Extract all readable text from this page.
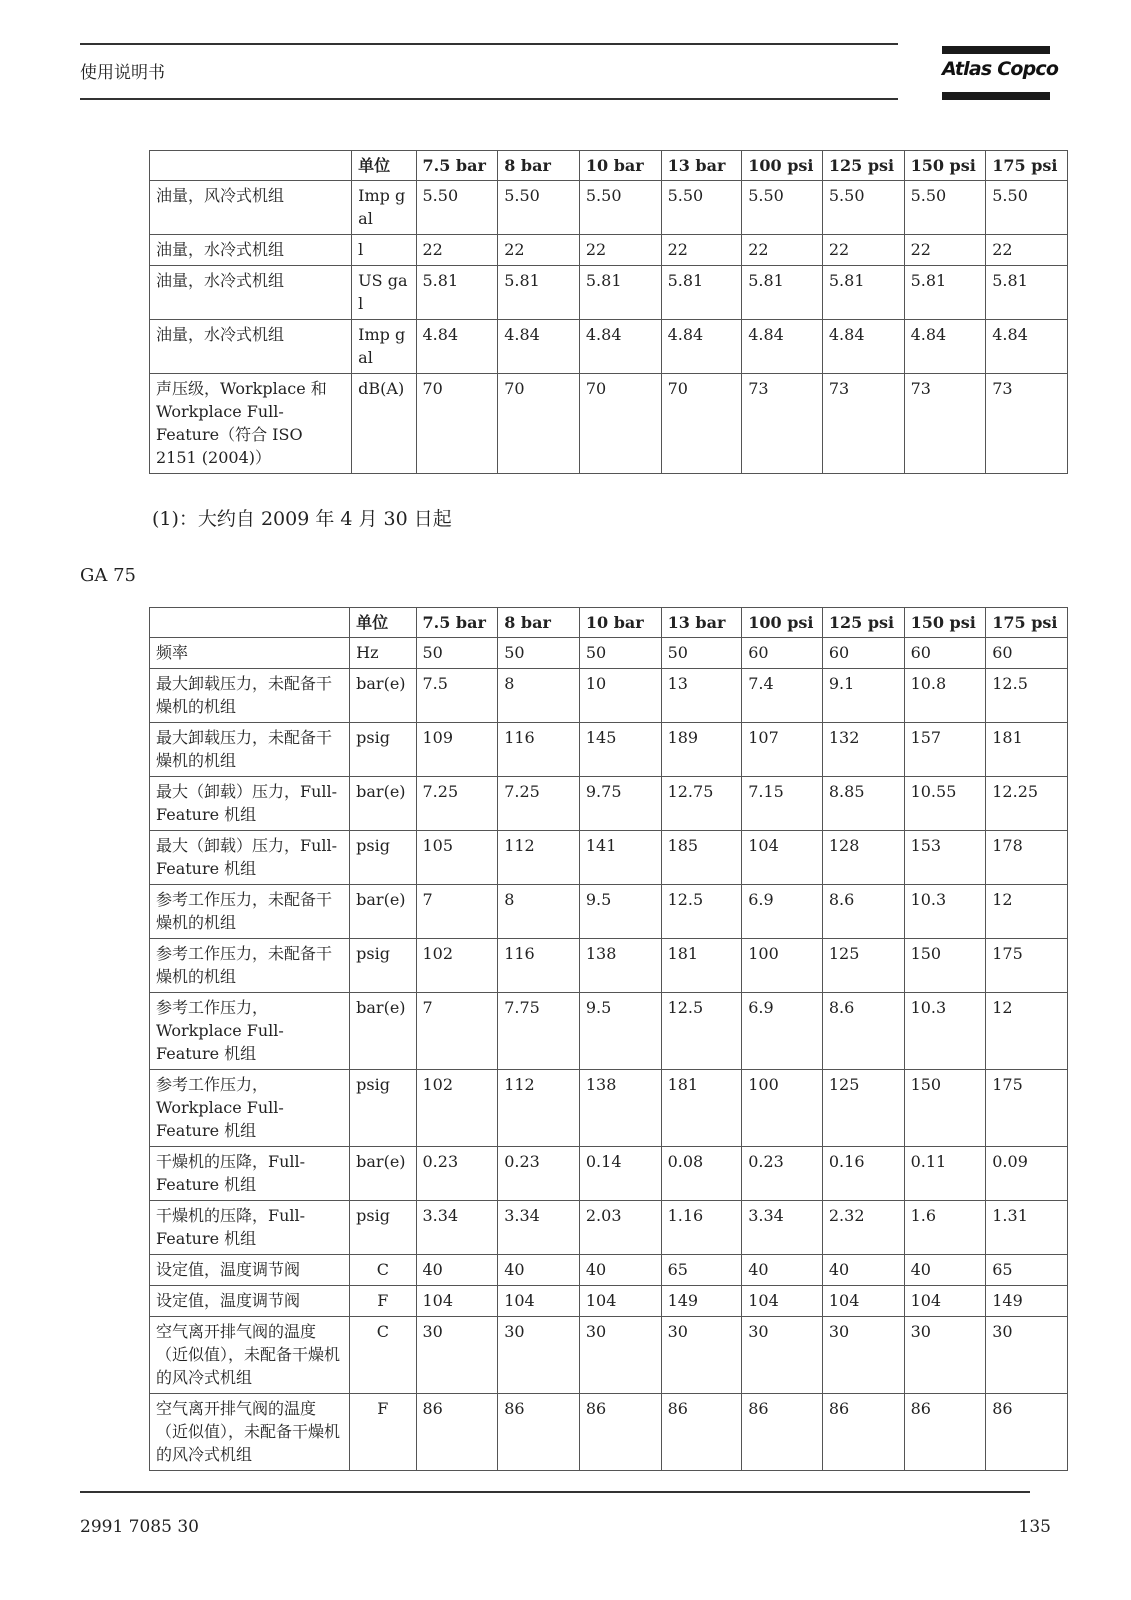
使用说明书	Atlas Copco
	单位	7.5 bar	8 bar	10 bar	13 bar	100 psi	125 psi	150 psi	175 psi
油量，风冷式机组	Imp gal	5.50	5.50	5.50	5.50	5.50	5.50	5.50	5.50
油量，水冷式机组	l	22	22	22	22	22	22	22	22
油量，水冷式机组	US gal	5.81	5.81	5.81	5.81	5.81	5.81	5.81	5.81
油量，水冷式机组	Imp gal	4.84	4.84	4.84	4.84	4.84	4.84	4.84	4.84
声压级，Workplace 和 Workplace Full-Feature（符合 ISO 2151 (2004)）	dB(A)	70	70	70	70	73	73	73	73
(1)：大约自 2009 年 4 月 30 日起
GA 75
	单位	7.5 bar	8 bar	10 bar	13 bar	100 psi	125 psi	150 psi	175 psi
频率	Hz	50	50	50	50	60	60	60	60
最大卸载压力，未配备干燥机的机组	bar(e)	7.5	8	10	13	7.4	9.1	10.8	12.5
最大卸载压力，未配备干燥机的机组	psig	109	116	145	189	107	132	157	181
最大（卸载）压力，Full-Feature 机组	bar(e)	7.25	7.25	9.75	12.75	7.15	8.85	10.55	12.25
最大（卸载）压力，Full-Feature 机组	psig	105	112	141	185	104	128	153	178
参考工作压力，未配备干燥机的机组	bar(e)	7	8	9.5	12.5	6.9	8.6	10.3	12
参考工作压力，未配备干燥机的机组	psig	102	116	138	181	100	125	150	175
参考工作压力，Workplace Full-Feature 机组	bar(e)	7	7.75	9.5	12.5	6.9	8.6	10.3	12
参考工作压力，Workplace Full-Feature 机组	psig	102	112	138	181	100	125	150	175
干燥机的压降，Full-Feature 机组	bar(e)	0.23	0.23	0.14	0.08	0.23	0.16	0.11	0.09
干燥机的压降，Full-Feature 机组	psig	3.34	3.34	2.03	1.16	3.34	2.32	1.6	1.31
设定值，温度调节阀	C	40	40	40	65	40	40	40	65
设定值，温度调节阀	F	104	104	104	149	104	104	104	149
空气离开排气阀的温度（近似值），未配备干燥机的风冷式机组	C	30	30	30	30	30	30	30	30
空气离开排气阀的温度（近似值），未配备干燥机的风冷式机组	F	86	86	86	86	86	86	86	86
2991 7085 30	135
